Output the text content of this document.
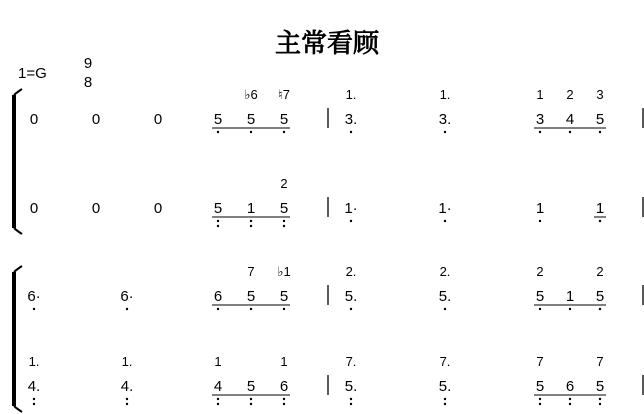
主常看顾
1=G
9
8
0	0	0
♭6 ♮7
5 5 5
1.
3.
1.
3.
1 2 3
3 4 5
0	0	0
2
5 1 5	1·	1·	1	1
6·	6·
7 ♭1
6 5 5
2.
5.
2.
5.
2	2
5 1 5
1.
4.
1.
4.
1	1
4 5 6
7.
5.
7.
5.
7	7
5 6 5
